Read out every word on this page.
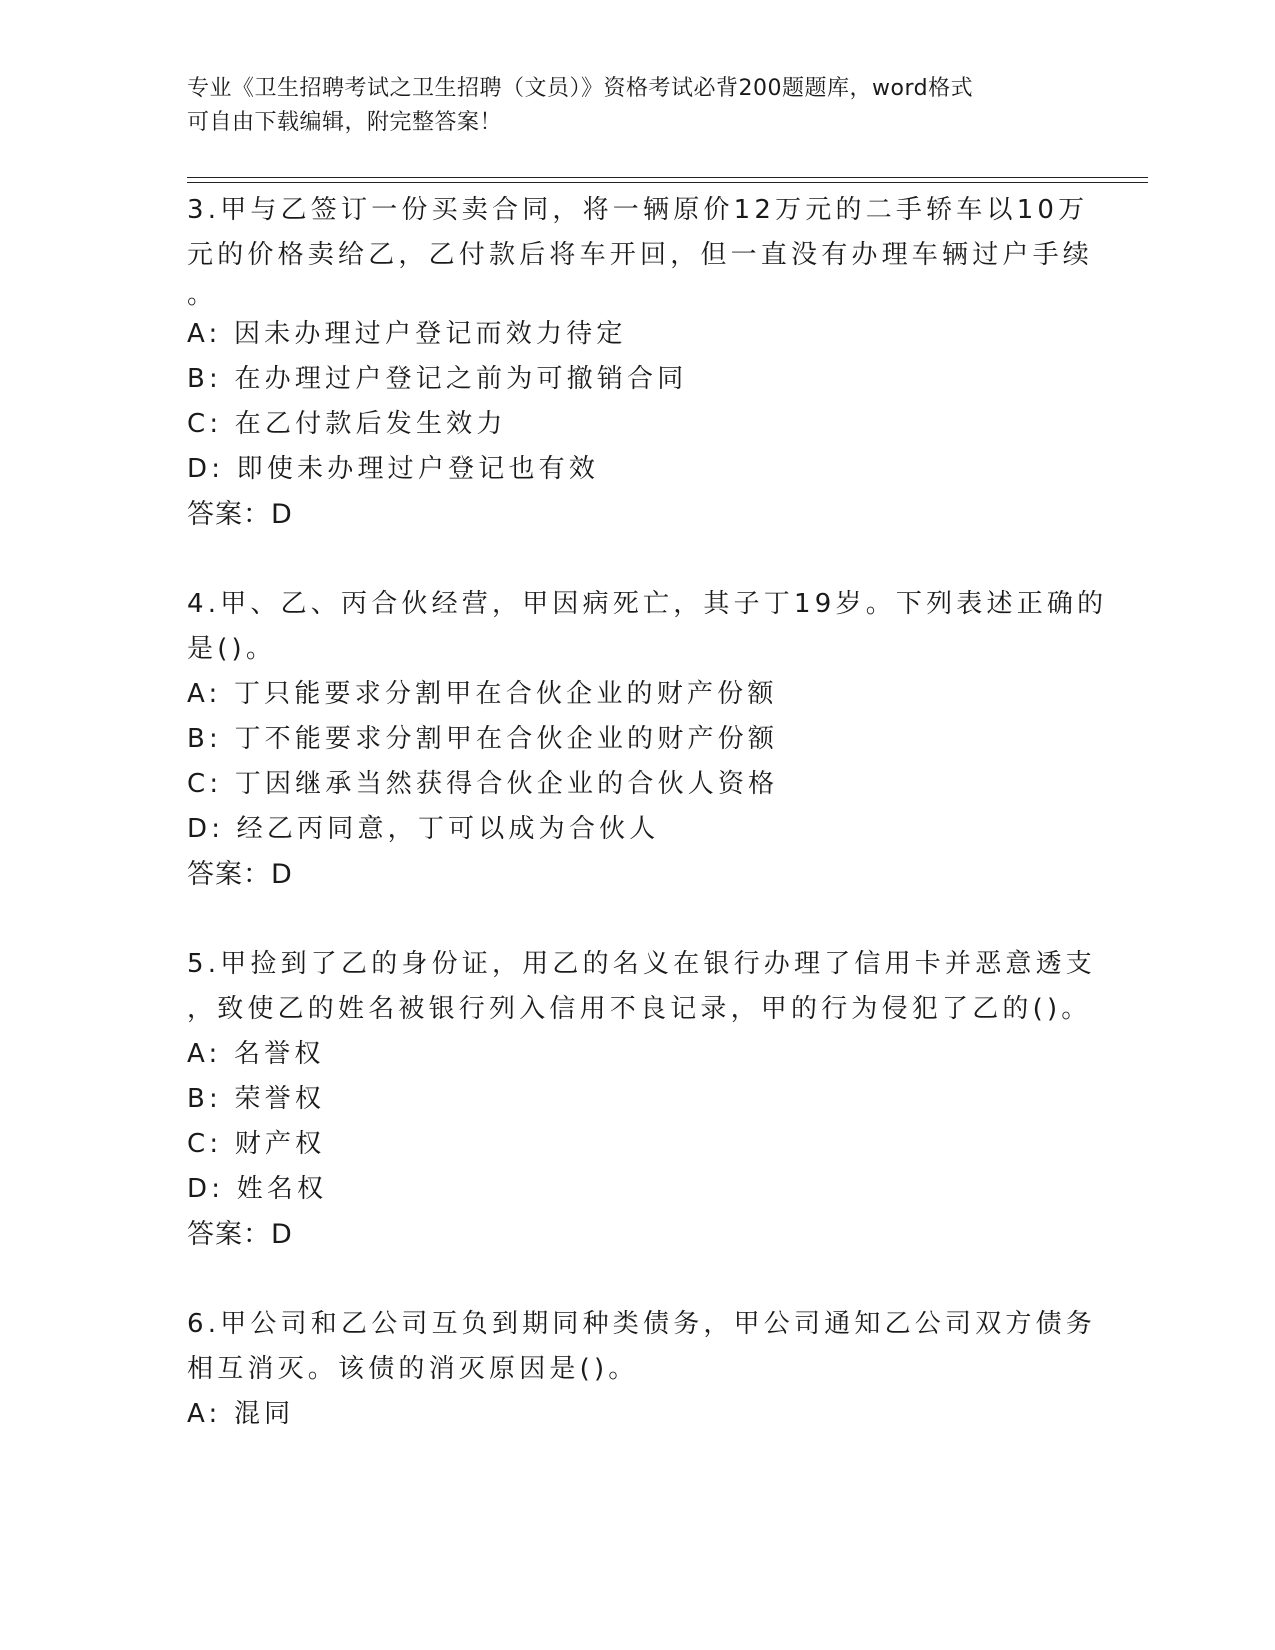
专业《卫生招聘考试之卫生招聘（文员）》资格考试必背200题题库，word格式
可自由下载编辑，附完整答案！
3.甲与乙签订一份买卖合同，将一辆原价12万元的二手轿车以10万
元的价格卖给乙，乙付款后将车开回，但一直没有办理车辆过户手续
。
A: 因未办理过户登记而效力待定
B: 在办理过户登记之前为可撤销合同
C: 在乙付款后发生效力
D: 即使未办理过户登记也有效
答案：D
4.甲、乙、丙合伙经营，甲因病死亡，其子丁19岁。下列表述正确的
是()。
A: 丁只能要求分割甲在合伙企业的财产份额
B: 丁不能要求分割甲在合伙企业的财产份额
C: 丁因继承当然获得合伙企业的合伙人资格
D: 经乙丙同意，丁可以成为合伙人
答案：D
5.甲捡到了乙的身份证，用乙的名义在银行办理了信用卡并恶意透支
，致使乙的姓名被银行列入信用不良记录，甲的行为侵犯了乙的()。
A: 名誉权
B: 荣誉权
C: 财产权
D: 姓名权
答案：D
6.甲公司和乙公司互负到期同种类债务，甲公司通知乙公司双方债务
相互消灭。该债的消灭原因是()。
A: 混同
